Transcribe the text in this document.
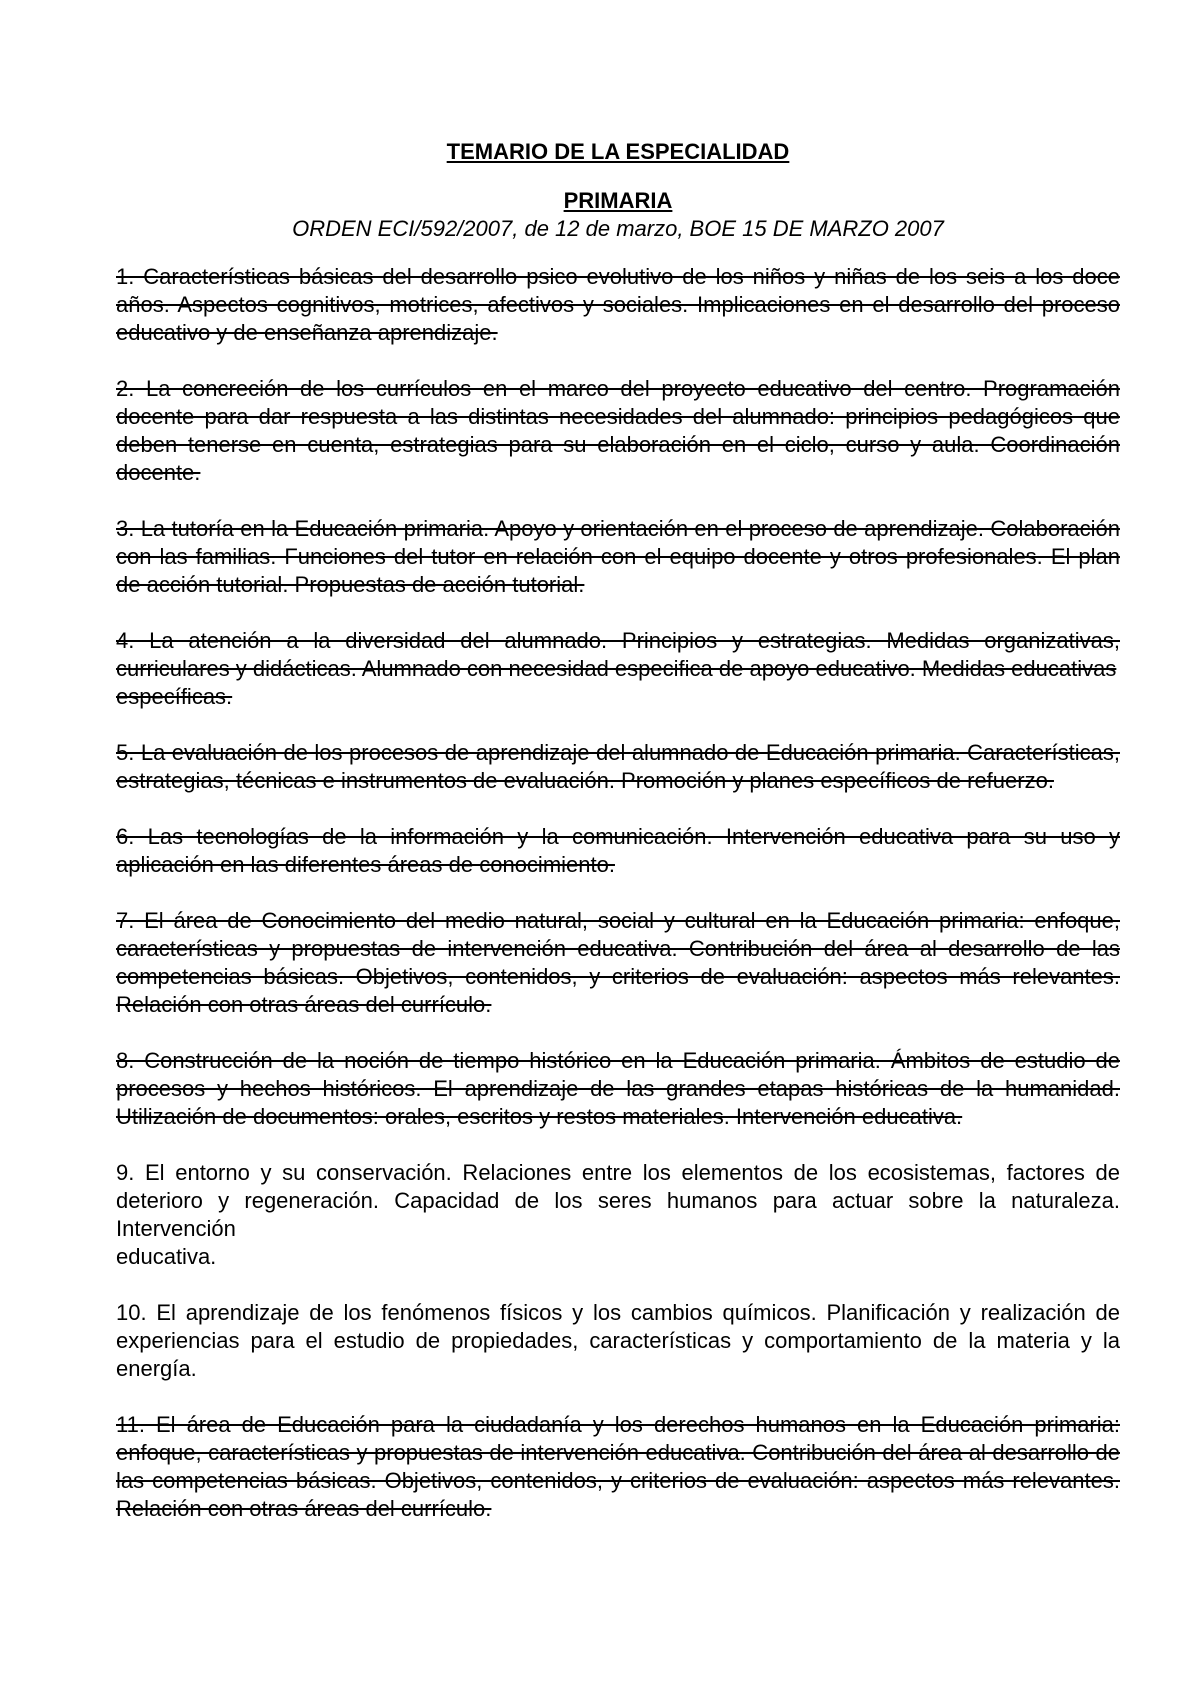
TEMARIO DE LA ESPECIALIDAD
PRIMARIA
ORDEN ECI/592/2007, de 12 de marzo, BOE 15 DE MARZO 2007
1. Características básicas del desarrollo psico evolutivo de los niños y niñas de los seis a los doce años. Aspectos cognitivos, motrices, afectivos y sociales. Implicaciones en el desarrollo del proceso educativo y de enseñanza aprendizaje.
2. La concreción de los currículos en el marco del proyecto educativo del centro. Programación docente para dar respuesta a las distintas necesidades del alumnado: principios pedagógicos que deben tenerse en cuenta, estrategias para su elaboración en el ciclo, curso y aula. Coordinación docente.
3. La tutoría en la Educación primaria. Apoyo y orientación en el proceso de aprendizaje. Colaboración con las familias. Funciones del tutor en relación con el equipo docente y otros profesionales. El plan de acción tutorial. Propuestas de acción tutorial.
4. La atención a la diversidad del alumnado. Principios y estrategias. Medidas organizativas, curriculares y didácticas. Alumnado con necesidad especifica de apoyo educativo. Medidas educativas
específicas.
5. La evaluación de los procesos de aprendizaje del alumnado de Educación primaria. Características, estrategias, técnicas e instrumentos de evaluación. Promoción y planes específicos de refuerzo.
6. Las tecnologías de la información y la comunicación. Intervención educativa para su uso y aplicación en las diferentes áreas de conocimiento.
7. El área de Conocimiento del medio natural, social y cultural en la Educación primaria: enfoque, características y propuestas de intervención educativa. Contribución del área al desarrollo de las competencias básicas. Objetivos, contenidos, y criterios de evaluación: aspectos más relevantes. Relación con otras áreas del currículo.
8. Construcción de la noción de tiempo histórico en la Educación primaria. Ámbitos de estudio de procesos y hechos históricos. El aprendizaje de las grandes etapas históricas de la humanidad. Utilización de documentos: orales, escritos y restos materiales. Intervención educativa.
9. El entorno y su conservación. Relaciones entre los elementos de los ecosistemas, factores de deterioro y regeneración. Capacidad de los seres humanos para actuar sobre la naturaleza. Intervención
educativa.
10. El aprendizaje de los fenómenos físicos y los cambios químicos. Planificación y realización de experiencias para el estudio de propiedades, características y comportamiento de la materia y la energía.
11. El área de Educación para la ciudadanía y los derechos humanos en la Educación primaria: enfoque, características y propuestas de intervención educativa. Contribución del área al desarrollo de las competencias básicas. Objetivos, contenidos, y criterios de evaluación: aspectos más relevantes. Relación con otras áreas del currículo.
